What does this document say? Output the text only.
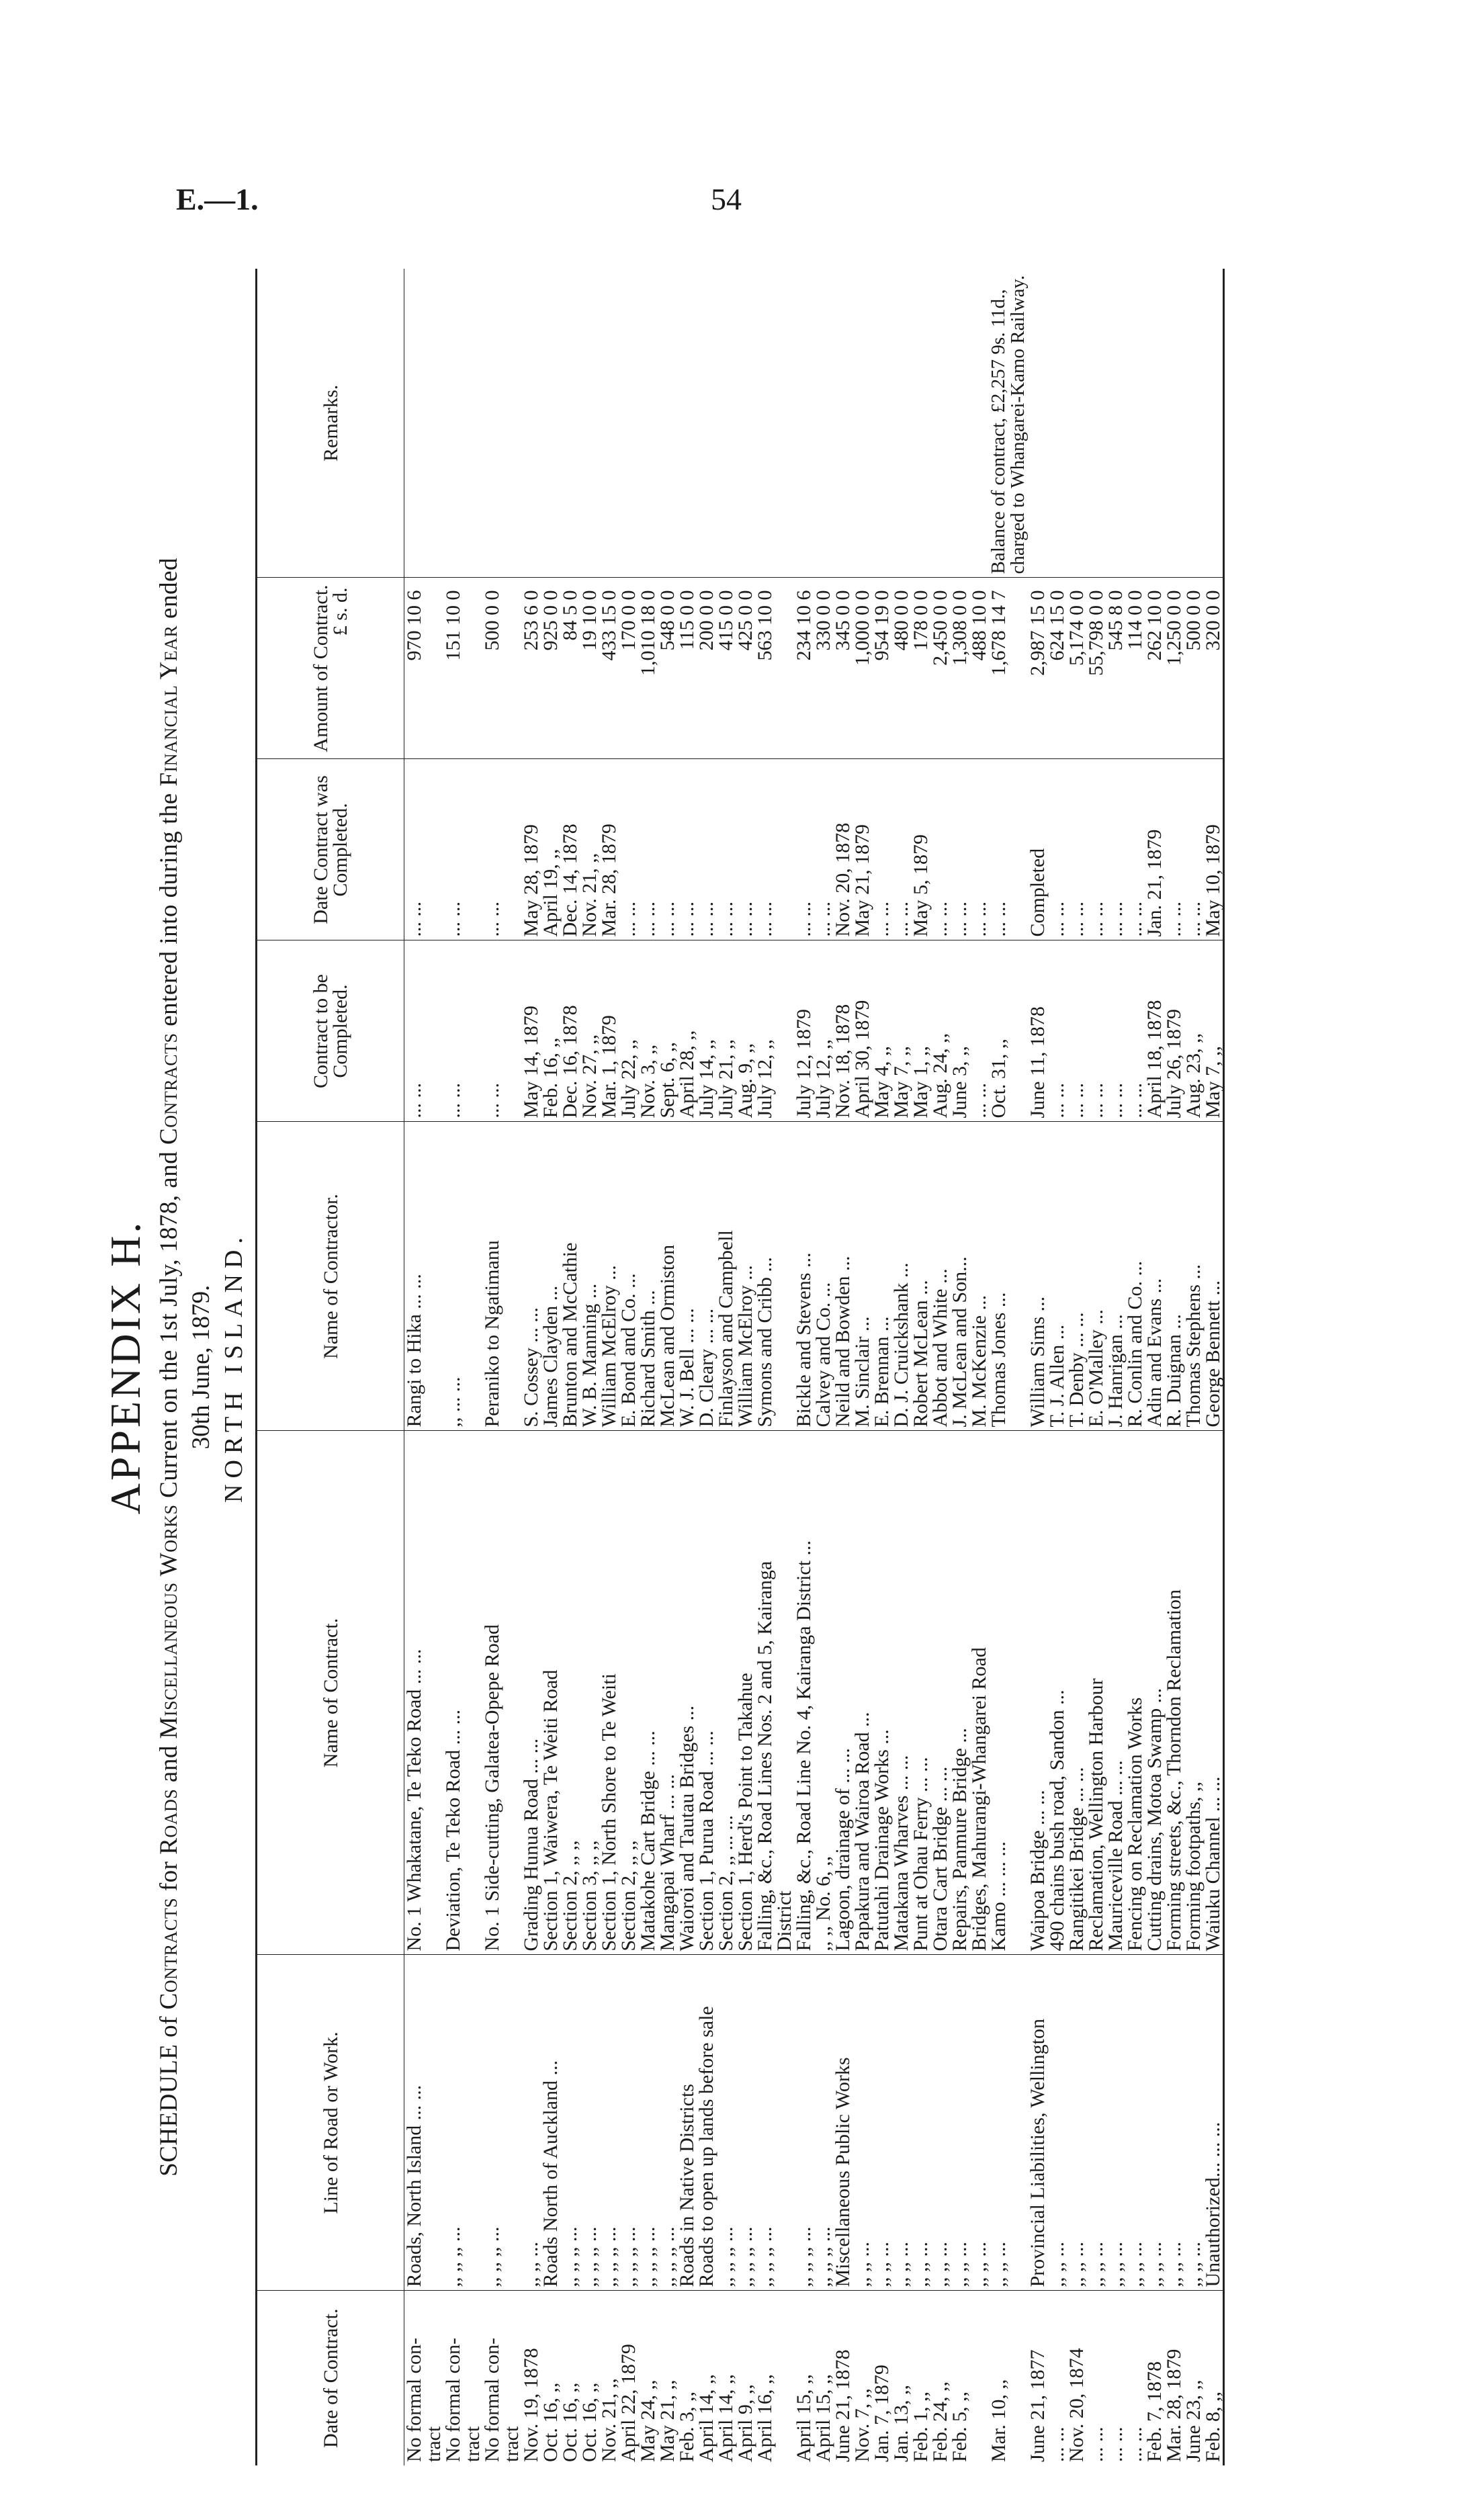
E.—1.	54
APPENDIX H.
SCHEDULE of Contracts for Roads and Miscellaneous Works Current on the 1st July, 1878, and Contracts entered into during the Financial Year ended
30th June, 1879. NORTH ISLAND.
Date of Contract.	Line of Road or Work.	Name of Contract.	Name of Contractor.	Contract to be Completed.	Date Contract was Completed.	Amount of Contract.
£ s. d.	Remarks.
No formal con-	Roads, North Island ... ...	No. 1 Whakatane, Te Teko Road ... ...	Rangi to Hika ... ...	... ...	... ...	970 10 6	
tract							
No formal con-	,, ,, ,, ...	Deviation, Te Teko Road ... ...	,, ... ...	... ...	... ...	151 10 0	
tract							
No formal con-	,, ,, ,, ...	No. 1 Side-cutting, Galatea-Opepe Road	Peraniko to Ngatimanu	... ...	... ...	500 0 0	
tract							
Nov. 19, 1878	,, ,, ...	Grading Hunua Road ... ...	S. Cossey ... ...	May 14, 1879	May 28, 1879	253 6 0	
Oct. 16, ,,	Roads North of Auckland ...	Section 1, Waiwera, Te Weiti Road	James Clayden ...	Feb. 16, ,,	April 19, ,,	925 0 0	
Oct. 16, ,,	,, ,, ,, ...	Section 2, ,, ,,	Brunton and McCathie	Dec. 16, 1878	Dec. 14, 1878	84 5 0	
Oct. 16, ,,	,, ,, ,, ...	Section 3, ,, ,,	W. B. Manning ...	Nov. 27, ,,	Nov. 21, ,,	19 10 0	
Nov. 21, ,,	,, ,, ,, ...	Section 1, North Shore to Te Weiti	William McElroy ...	Mar. 1, 1879	Mar. 28, 1879	433 15 0	
April 22, 1879	,, ,, ,, ...	Section 2, ,, ,,	E. Bond and Co. ...	July 22, ,,	... ...	170 0 0	
May 24, ,,	,, ,, ,, ...	Matakohe Cart Bridge ... ...	Richard Smith ...	Nov. 3, ,,	... ...	1,010 18 0	
May 21, ,,	,, ,, ,, ...	Mangapai Wharf ... ...	McLean and Ormiston	Sept. 6, ,,	... ...	548 0 0	
Feb. 3, ,,	Roads in Native Districts	Waioroi and Tautau Bridges ...	W. J. Bell ... ...	April 28, ,,	... ...	115 0 0	
April 14, ,,	Roads to open up lands before sale	Section 1, Purua Road ... ...	D. Cleary ... ...	July 14, ,,	... ...	200 0 0	
April 14, ,,	,, ,, ,, ...	Section 2, ,, ... ...	Finlayson and Campbell	July 21, ,,	... ...	415 0 0	
April 9, ,,	,, ,, ,, ...	Section 1, Herd's Point to Takahue	William McElroy ...	Aug. 9, ,,	... ...	425 0 0	
April 16, ,,	,, ,, ,, ...	Falling, &c., Road Lines Nos. 2 and 5, Kairanga	Symons and Cribb ...	July 12, ,,	... ...	563 10 0	
		District					
April 15, ,,	,, ,, ,, ...	Falling, &c., Road Line No. 4, Kairanga District ...	Bickle and Stevens ...	July 12, 1879	... ...	234 10 6	
April 15, ,,	,, ,, ,, ...	,, ,, No. 6, ,,	Calvey and Co. ...	July 12, ,,	... ...	330 0 0	
June 21, 1878	Miscellaneous Public Works	Lagoon, drainage of ... ...	Neild and Bowden ...	Nov. 18, 1878	Nov. 20, 1878	345 0 0	
Nov. 7, ,,	,, ,, ...	Papakura and Wairoa Road ...	M. Sinclair ...	April 30, 1879	May 21, 1879	1,000 0 0	
Jan. 7, 1879	,, ,, ...	Patutahi Drainage Works ...	E. Brennan ...	May 4, ,,	... ...	954 19 0	
Jan. 13, ,,	,, ,, ...	Matakana Wharves ... ...	D. J. Cruickshank ...	May 7, ,,	... ...	480 0 0	
Feb. 1, ,,	,, ,, ...	Punt at Ohau Ferry ... ...	Robert McLean ...	May 1, ,,	May 5, 1879	178 0 0	
Feb. 24, ,,	,, ,, ...	Otara Cart Bridge ... ...	Abbot and White ...	Aug. 24, ,,	... ...	2,450 0 0	
Feb. 5, ,,	,, ,, ...	Repairs, Panmure Bridge ...	J. McLean and Son...	June 3, ,,	... ...	1,308 0 0	
	,, ,, ...	Bridges, Mahurangi-Whangarei Road	M. McKenzie ...	... ...	... ...	488 10 0	
Mar. 10, ,,	,, ,, ...	Kamo ... ... ...	Thomas Jones ...	Oct. 31, ,,	... ...	1,678 14 7	Balance of contract, £2,257 9s. 11d., charged to Whangarei-Kamo Railway.
June 21, 1877	Provincial Liabilities, Wellington	Waipoa Bridge ... ...	William Sims ...	June 11, 1878	Completed	2,987 15 0	
... ...	,, ,, ...	490 chains bush road, Sandon ...	T. J. Allen ...	... ...	... ...	624 15 0	
Nov. 20, 1874	,, ,, ...	Rangitikei Bridge ... ...	T. Denby ... ...	... ...	... ...	5,174 0 0	
... ...	,, ,, ...	Reclamation, Wellington Harbour	E. O'Malley ...	... ...	... ...	55,798 0 0	
... ...	,, ,, ...	Mauriceville Road ... ...	J. Hanrigan ...	... ...	... ...	545 8 0	
... ...	,, ,, ...	Fencing on Reclamation Works	R. Conlin and Co. ...	... ...	... ...	114 0 0	
Feb. 7, 1878	,, ,, ...	Cutting drains, Motoa Swamp ...	Adin and Evans ...	April 18, 1878	Jan. 21, 1879	262 10 0	
Mar. 28, 1879	,, ,, ...	Forming streets, &c., Thorndon Reclamation	R. Duignan ...	July 26, 1879	... ...	1,250 0 0	
June 23, ,,	,, ,, ...	Forming footpaths, ,,	Thomas Stephens ...	Aug. 23, ,,	... ...	500 0 0	
Feb. 8, ,,	Unauthorized... ... ...	Waiuku Channel ... ...	George Bennett ...	May 7, ,,	May 10, 1879	320 0 0	
